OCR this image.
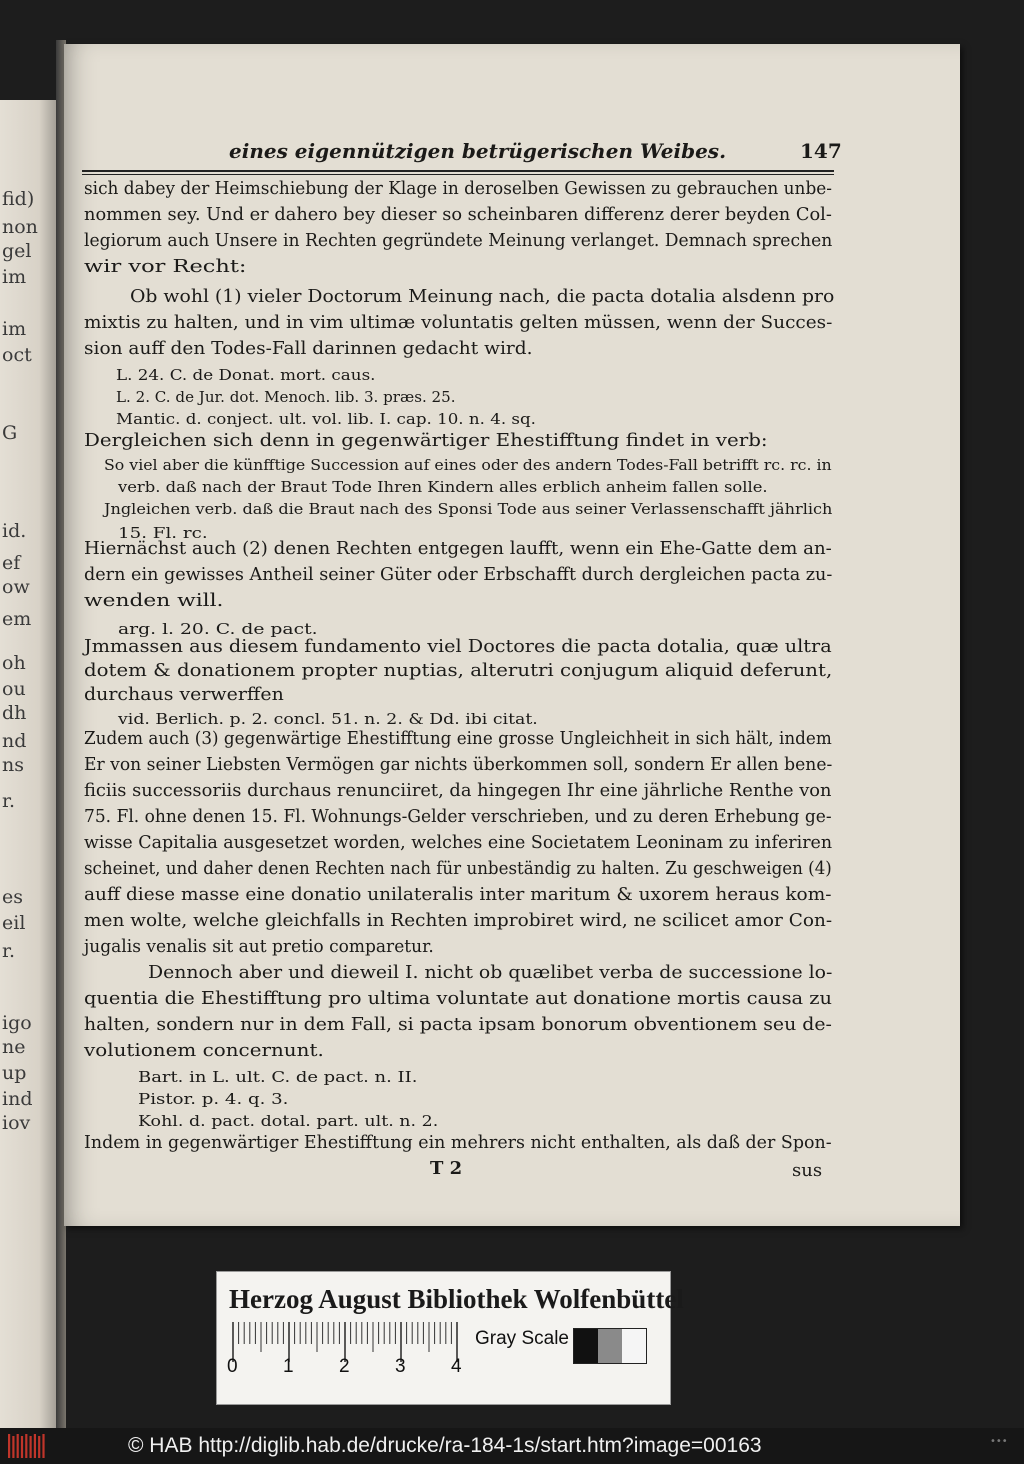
fid)
non
gel
im
im
oct
G
id.
ef
ow
em
oh
ou
dh
nd
ns
r.
es
eil
r.
igo
ne
up
ind
iov
eines eigennützigen betrügerischen Weibes.	147
sich dabey der Heimschiebung der Klage in deroselben Gewissen zu gebrauchen unbe-
nommen sey. Und er dahero bey dieser so scheinbaren differenz derer beyden Col-
legiorum auch Unsere in Rechten gegründete Meinung verlanget. Demnach sprechen
wir vor Recht:
Ob wohl (1) vieler Doctorum Meinung nach, die pacta dotalia alsdenn pro
mixtis zu halten, und in vim ultimæ voluntatis gelten müssen, wenn der Succes-
sion auff den Todes-Fall darinnen gedacht wird.
L. 24. C. de Donat. mort. caus.
L. 2. C. de Jur. dot. Menoch. lib. 3. præs. 25.
Mantic. d. conject. ult. vol. lib. I. cap. 10. n. 4. sq.
Dergleichen sich denn in gegenwärtiger Ehestifftung findet in verb:
So viel aber die künfftige Succession auf eines oder des andern Todes-Fall betrifft rc. rc. in
verb. daß nach der Braut Tode Ihren Kindern alles erblich anheim fallen solle.
Jngleichen verb. daß die Braut nach des Sponsi Tode aus seiner Verlassenschafft jährlich
15. Fl. rc.
Hiernächst auch (2) denen Rechten entgegen laufft, wenn ein Ehe-Gatte dem an-
dern ein gewisses Antheil seiner Güter oder Erbschafft durch dergleichen pacta zu-
wenden will.
arg. l. 20. C. de pact.
Jmmassen aus diesem fundamento viel Doctores die pacta dotalia, quæ ultra
dotem & donationem propter nuptias, alterutri conjugum aliquid deferunt,
durchaus verwerffen
vid. Berlich. p. 2. concl. 51. n. 2. & Dd. ibi citat.
Zudem auch (3) gegenwärtige Ehestifftung eine grosse Ungleichheit in sich hält, indem
Er von seiner Liebsten Vermögen gar nichts überkommen soll, sondern Er allen bene-
ficiis successoriis durchaus renunciiret, da hingegen Ihr eine jährliche Renthe von
75. Fl. ohne denen 15. Fl. Wohnungs-Gelder verschrieben, und zu deren Erhebung ge-
wisse Capitalia ausgesetzet worden, welches eine Societatem Leoninam zu inferiren
scheinet, und daher denen Rechten nach für unbeständig zu halten. Zu geschweigen (4)
auff diese masse eine donatio unilateralis inter maritum & uxorem heraus kom-
men wolte, welche gleichfalls in Rechten improbiret wird, ne scilicet amor Con-
jugalis venalis sit aut pretio comparetur.
Dennoch aber und dieweil I. nicht ob quælibet verba de successione lo-
quentia die Ehestifftung pro ultima voluntate aut donatione mortis causa zu
halten, sondern nur in dem Fall, si pacta ipsam bonorum obventionem seu de-
volutionem concernunt.
Bart. in L. ult. C. de pact. n. II.
Pistor. p. 4. q. 3.
Kohl. d. pact. dotal. part. ult. n. 2.
Indem in gegenwärtiger Ehestifftung ein mehrers nicht enthalten, als daß der Spon-
T 2	sus
Herzog August Bibliothek Wolfenbüttel
0 1 2 3 4
Gray Scale
© HAB http://diglib.hab.de/drucke/ra-184-1s/start.htm?image=00163	•••
